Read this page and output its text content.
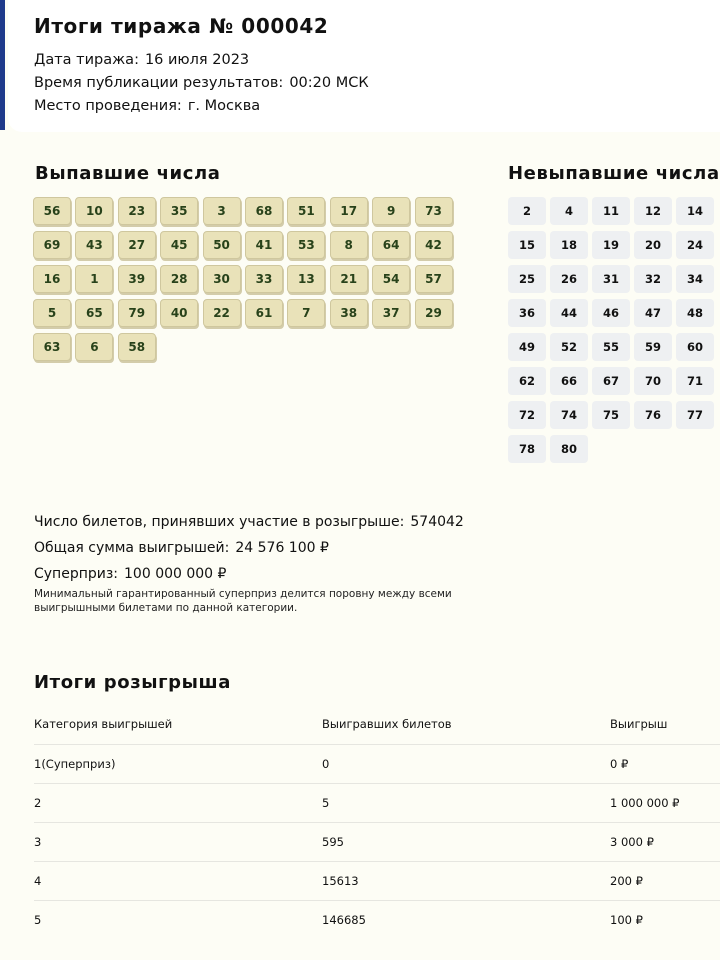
Итоги тиража № 000042
Дата тиража: 16 июля 2023
Время публикации результатов: 00:20 МСК
Место проведения: г. Москва
Выпавшие числа
56	10	23	35	3	68	51	17	9	73
69	43	27	45	50	41	53	8	64	42
16	1	39	28	30	33	13	21	54	57
5	65	79	40	22	61	7	38	37	29
63	6	58
Невыпавшие числа
2	4	11	12	14
15	18	19	20	24
25	26	31	32	34
36	44	46	47	48
49	52	55	59	60
62	66	67	70	71
72	74	75	76	77
78	80
Число билетов, принявших участие в розыгрыше: 574042
Общая сумма выигрышей: 24 576 100 ₽
Суперприз: 100 000 000 ₽
Минимальный гарантированный суперприз делится поровну между всеми выигрышными билетами по данной категории.
Итоги розыгрыша
Категория выигрышей	Выигравших билетов	Выигрыш
1(Суперприз)	0	0 ₽
2	5	1 000 000 ₽
3	595	3 000 ₽
4	15613	200 ₽
5	146685	100 ₽
